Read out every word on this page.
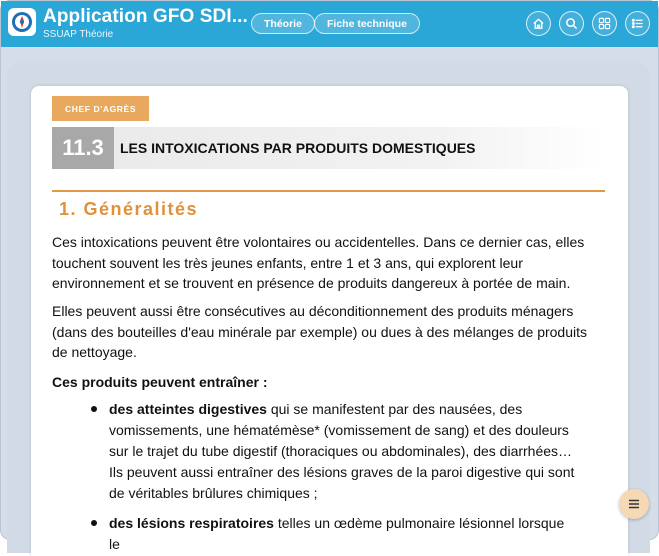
Application GFO SDI...
SSUAP Théorie
Théorie	Fiche technique
CHEF D'AGRÈS
11.3	LES INTOXICATIONS PAR PRODUITS DOMESTIQUES
1. Généralités

Ces intoxications peuvent être volontaires ou accidentelles. Dans ce dernier cas, elles touchent souvent les très jeunes enfants, entre 1 et 3 ans, qui explorent leur environnement et se trouvent en présence de produits dangereux à portée de main.

Elles peuvent aussi être consécutives au déconditionnement des produits ménagers (dans des bouteilles d'eau minérale par exemple) ou dues à des mélanges de produits de nettoyage.

Ces produits peuvent entraîner :

des atteintes digestives qui se manifestent par des nausées, des vomissements, une hématémèse* (vomissement de sang) et des douleurs sur le trajet du tube digestif (thoraciques ou abdominales), des diarrhées… Ils peuvent aussi entraîner des lésions graves de la paroi digestive qui sont de véritables brûlures chimiques ;

des lésions respiratoires telles un œdème pulmonaire lésionnel lorsque le
